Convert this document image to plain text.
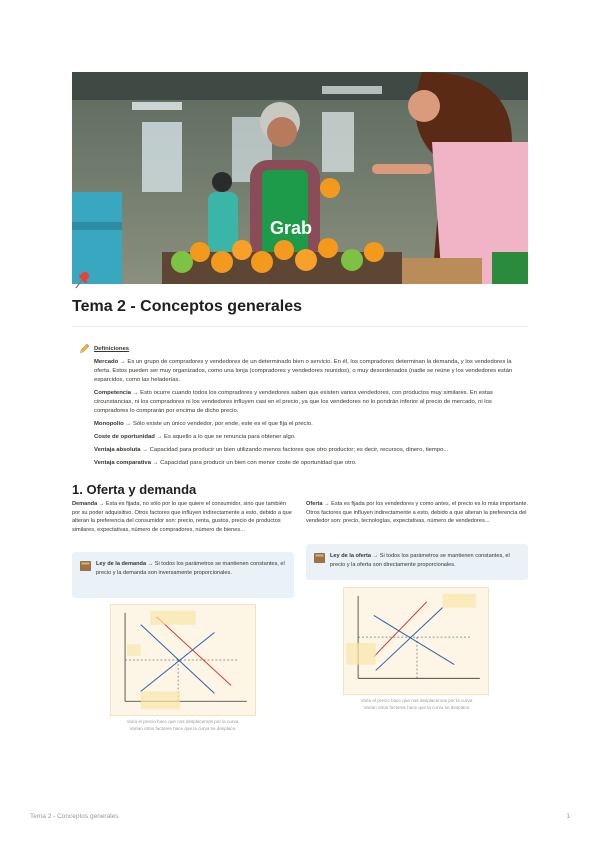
Grab
Tema 2 - Conceptos generales
Definiciones

Mercado → Es un grupo de compradores y vendedores de un determinado bien o servicio. En él, los compradores determinan la demanda, y los vendedores la oferta. Estos pueden ser muy organizados, como una lonja (compradores y vendedores reunidos), o muy desordenados (nadie se reúne y los vendedores están esparcidos, como las heladerías.

Competencia → Esto ocurre cuando todos los compradores y vendedores saben que existen varios vendedores, con productos muy similares. En estas circunstancias, ni los compradores ni los vendedores influyen casi en el precio, ya que los vendedores no lo pondrán inferior al precio de mercado, ni los compradores lo comprarán por encima de dicho precio.

Monopolio → Sólo existe un único vendedor, por ende, este es el que fija el precio.

Coste de oportunidad → Es aquello a lo que se renuncia para obtener algo.

Ventaja absoluta → Capacidad para producir un bien utilizando menos factores que otro productor; es decir, recursos, dinero, tiempo...

Ventaja comparativa → Capacidad para producir un bien con menor coste de oportunidad que otro.

1. Oferta y demanda
Demanda → Esta es fijada, no sólo por lo que quiere el consumidor, sino que también por su poder adquisitivo. Otros factores que influyen indirectamente a esto, debido a que alteran la preferencia del consumidor son: precio, renta, gustos, precio de productos similares, expectativas, número de compradores, número de bienes...
Ley de la demanda → Si todos los parámetros se mantienen constantes, el precio y la demanda son inversamente proporcionales.
Varía el precio hace que nos desplacemos por la curva.
Varían otros factores hace que la curva se desplace.
Oferta → Esta es fijada por los vendedores y como antes, el precio es lo más importante. Otros factores que influyen indirectamente a esto, debido a que alteran la preferencia del vendedor son: precio, tecnologías, expectativas, número de vendedores...
Ley de la oferta → Si todos los parámetros se mantienen constantes, el precio y la oferta son directamente proporcionales.
Varía el precio hace que nos desplacemos por la curva.
Varían otros factores hace que la curva se desplace.
Tema 2 - Conceptos generales	1
